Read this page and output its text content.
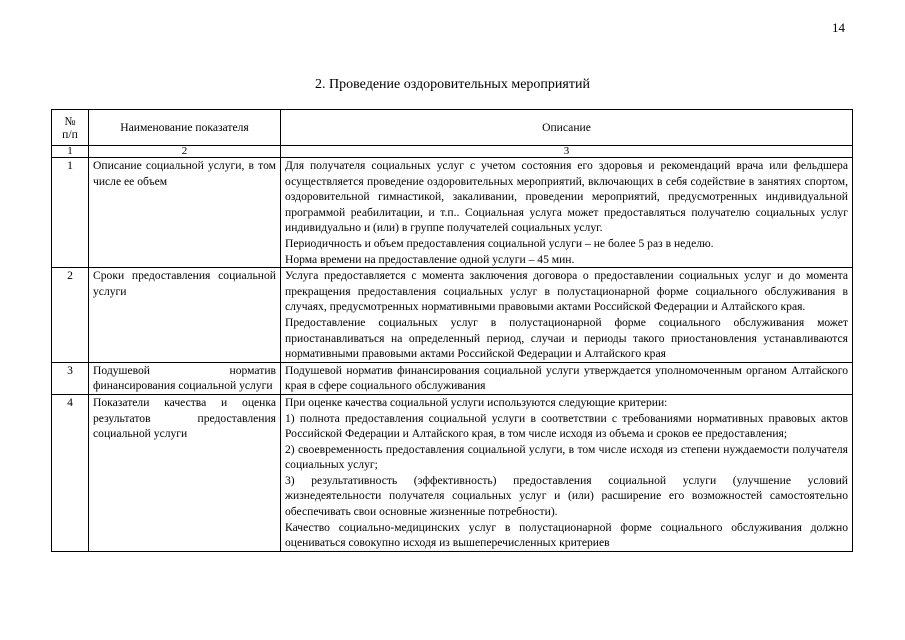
14
2. Проведение оздоровительных мероприятий
№ п/п	Наименование показателя	Описание
1	2	3
1	Описание социальной услуги, в том числе ее объем	Для получателя социальных услуг с учетом состояния его здоровья и рекомендаций врача или фельдшера осуществляется проведение оздоровительных мероприятий, включающих в себя содействие в занятиях спортом, оздоровительной гимнастикой, закаливании, проведении мероприятий, предусмотренных индивидуальной программой реабилитации, и т.п.. Социальная услуга может предоставляться получателю социальных услуг индивидуально и (или) в группе получателей социальных услуг.

Периодичность и объем предоставления социальной услуги – не более 5 раз в неделю.

Норма времени на предоставление одной услуги – 45 мин.

2	Сроки предоставления социальной услуги	Услуга предоставляется с момента заключения договора о предоставлении социальных услуг и до момента прекращения предоставления социальных услуг в полустационарной форме социального обслуживания в случаях, предусмотренных нормативными правовыми актами Российской Федерации и Алтайского края.

Предоставление социальных услуг в полустационарной форме социального обслуживания может приостанавливаться на определенный период, случаи и периоды такого приостановления устанавливаются нормативными правовыми актами Российской Федерации и Алтайского края

3	Подушевой норматив финансирования социальной услуги	Подушевой норматив финансирования социальной услуги утверждается уполномоченным органом Алтайского края в сфере социального обслуживания

4	Показатели качества и оценка результатов предоставления социальной услуги	При оценке качества социальной услуги используются следующие критерии:

1) полнота предоставления социальной услуги в соответствии с требованиями нормативных правовых актов Российской Федерации и Алтайского края, в том числе исходя из объема и сроков ее предоставления;

2) своевременность предоставления социальной услуги, в том числе исходя из степени нуждаемости получателя социальных услуг;

3) результативность (эффективность) предоставления социальной услуги (улучшение условий жизнедеятельности получателя социальных услуг и (или) расширение его возможностей самостоятельно обеспечивать свои основные жизненные потребности).

Качество социально-медицинских услуг в полустационарной форме социального обслуживания должно оцениваться совокупно исходя из вышеперечисленных критериев
